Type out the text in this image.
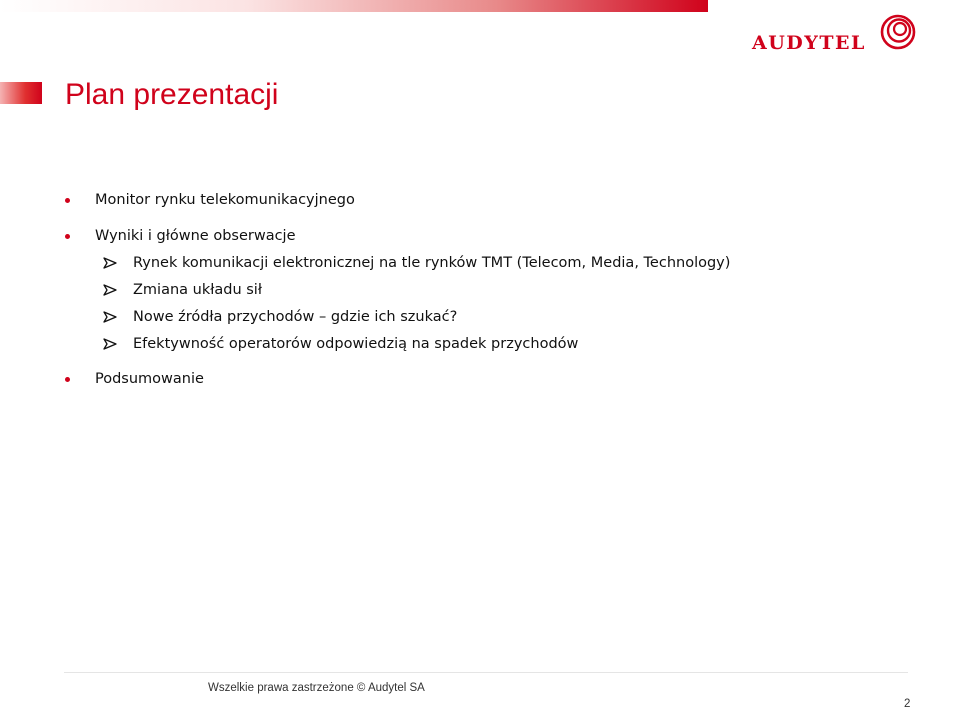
AUDYTEL
Plan prezentacji
Monitor rynku telekomunikacyjnego
Wyniki i główne obserwacje
Rynek komunikacji elektronicznej na tle rynków TMT (Telecom, Media, Technology)
Zmiana układu sił
Nowe źródła przychodów – gdzie ich szukać?
Efektywność operatorów odpowiedzią na spadek przychodów
Podsumowanie
Wszelkie prawa zastrzeżone © Audytel SA
2
